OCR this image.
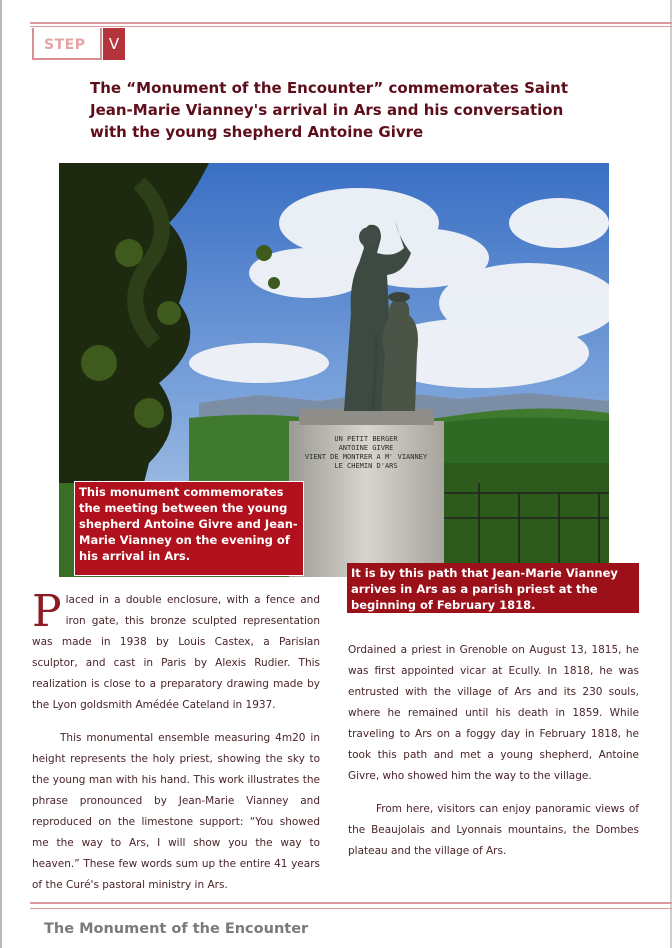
STEP	V
The “Monument of the Encounter” commemorates Saint Jean-Marie Vianney's arrival in Ars and his conversation with the young shepherd Antoine Givre
UN PETIT BERGER
ANTOINE GIVRE
VIENT DE MONTRER A Mʳ VIANNEY
LE CHEMIN D'ARS
This monument commemorates the meeting between the young shepherd Antoine Givre and Jean-Marie Vianney on the evening of his arrival in Ars.
It is by this path that Jean-Marie Vianney arrives in Ars as a parish priest at the beginning of February 1818.

Placed in a double enclosure, with a fence and iron gate, this bronze sculpted representation was made in 1938 by Louis Castex, a Parisian sculptor, and cast in Paris by Alexis Rudier. This realization is close to a preparatory drawing made by the Lyon goldsmith Amédée Cateland in 1937.

This monumental ensemble measuring 4m20 in height represents the holy priest, showing the sky to the young man with his hand. This work illustrates the phrase pronounced by Jean-Marie Vianney and reproduced on the limestone support: “You showed me the way to Ars, I will show you the way to heaven.” These few words sum up the entire 41 years of the Curé's pastoral ministry in Ars.

Ordained a priest in Grenoble on August 13, 1815, he was first appointed vicar at Ecully. In 1818, he was entrusted with the village of Ars and its 230 souls, where he remained until his death in 1859. While traveling to Ars on a foggy day in February 1818, he took this path and met a young shepherd, Antoine Givre, who showed him the way to the village.

From here, visitors can enjoy panoramic views of the Beaujolais and Lyonnais mountains, the Dombes plateau and the village of Ars.

The Monument of the Encounter
